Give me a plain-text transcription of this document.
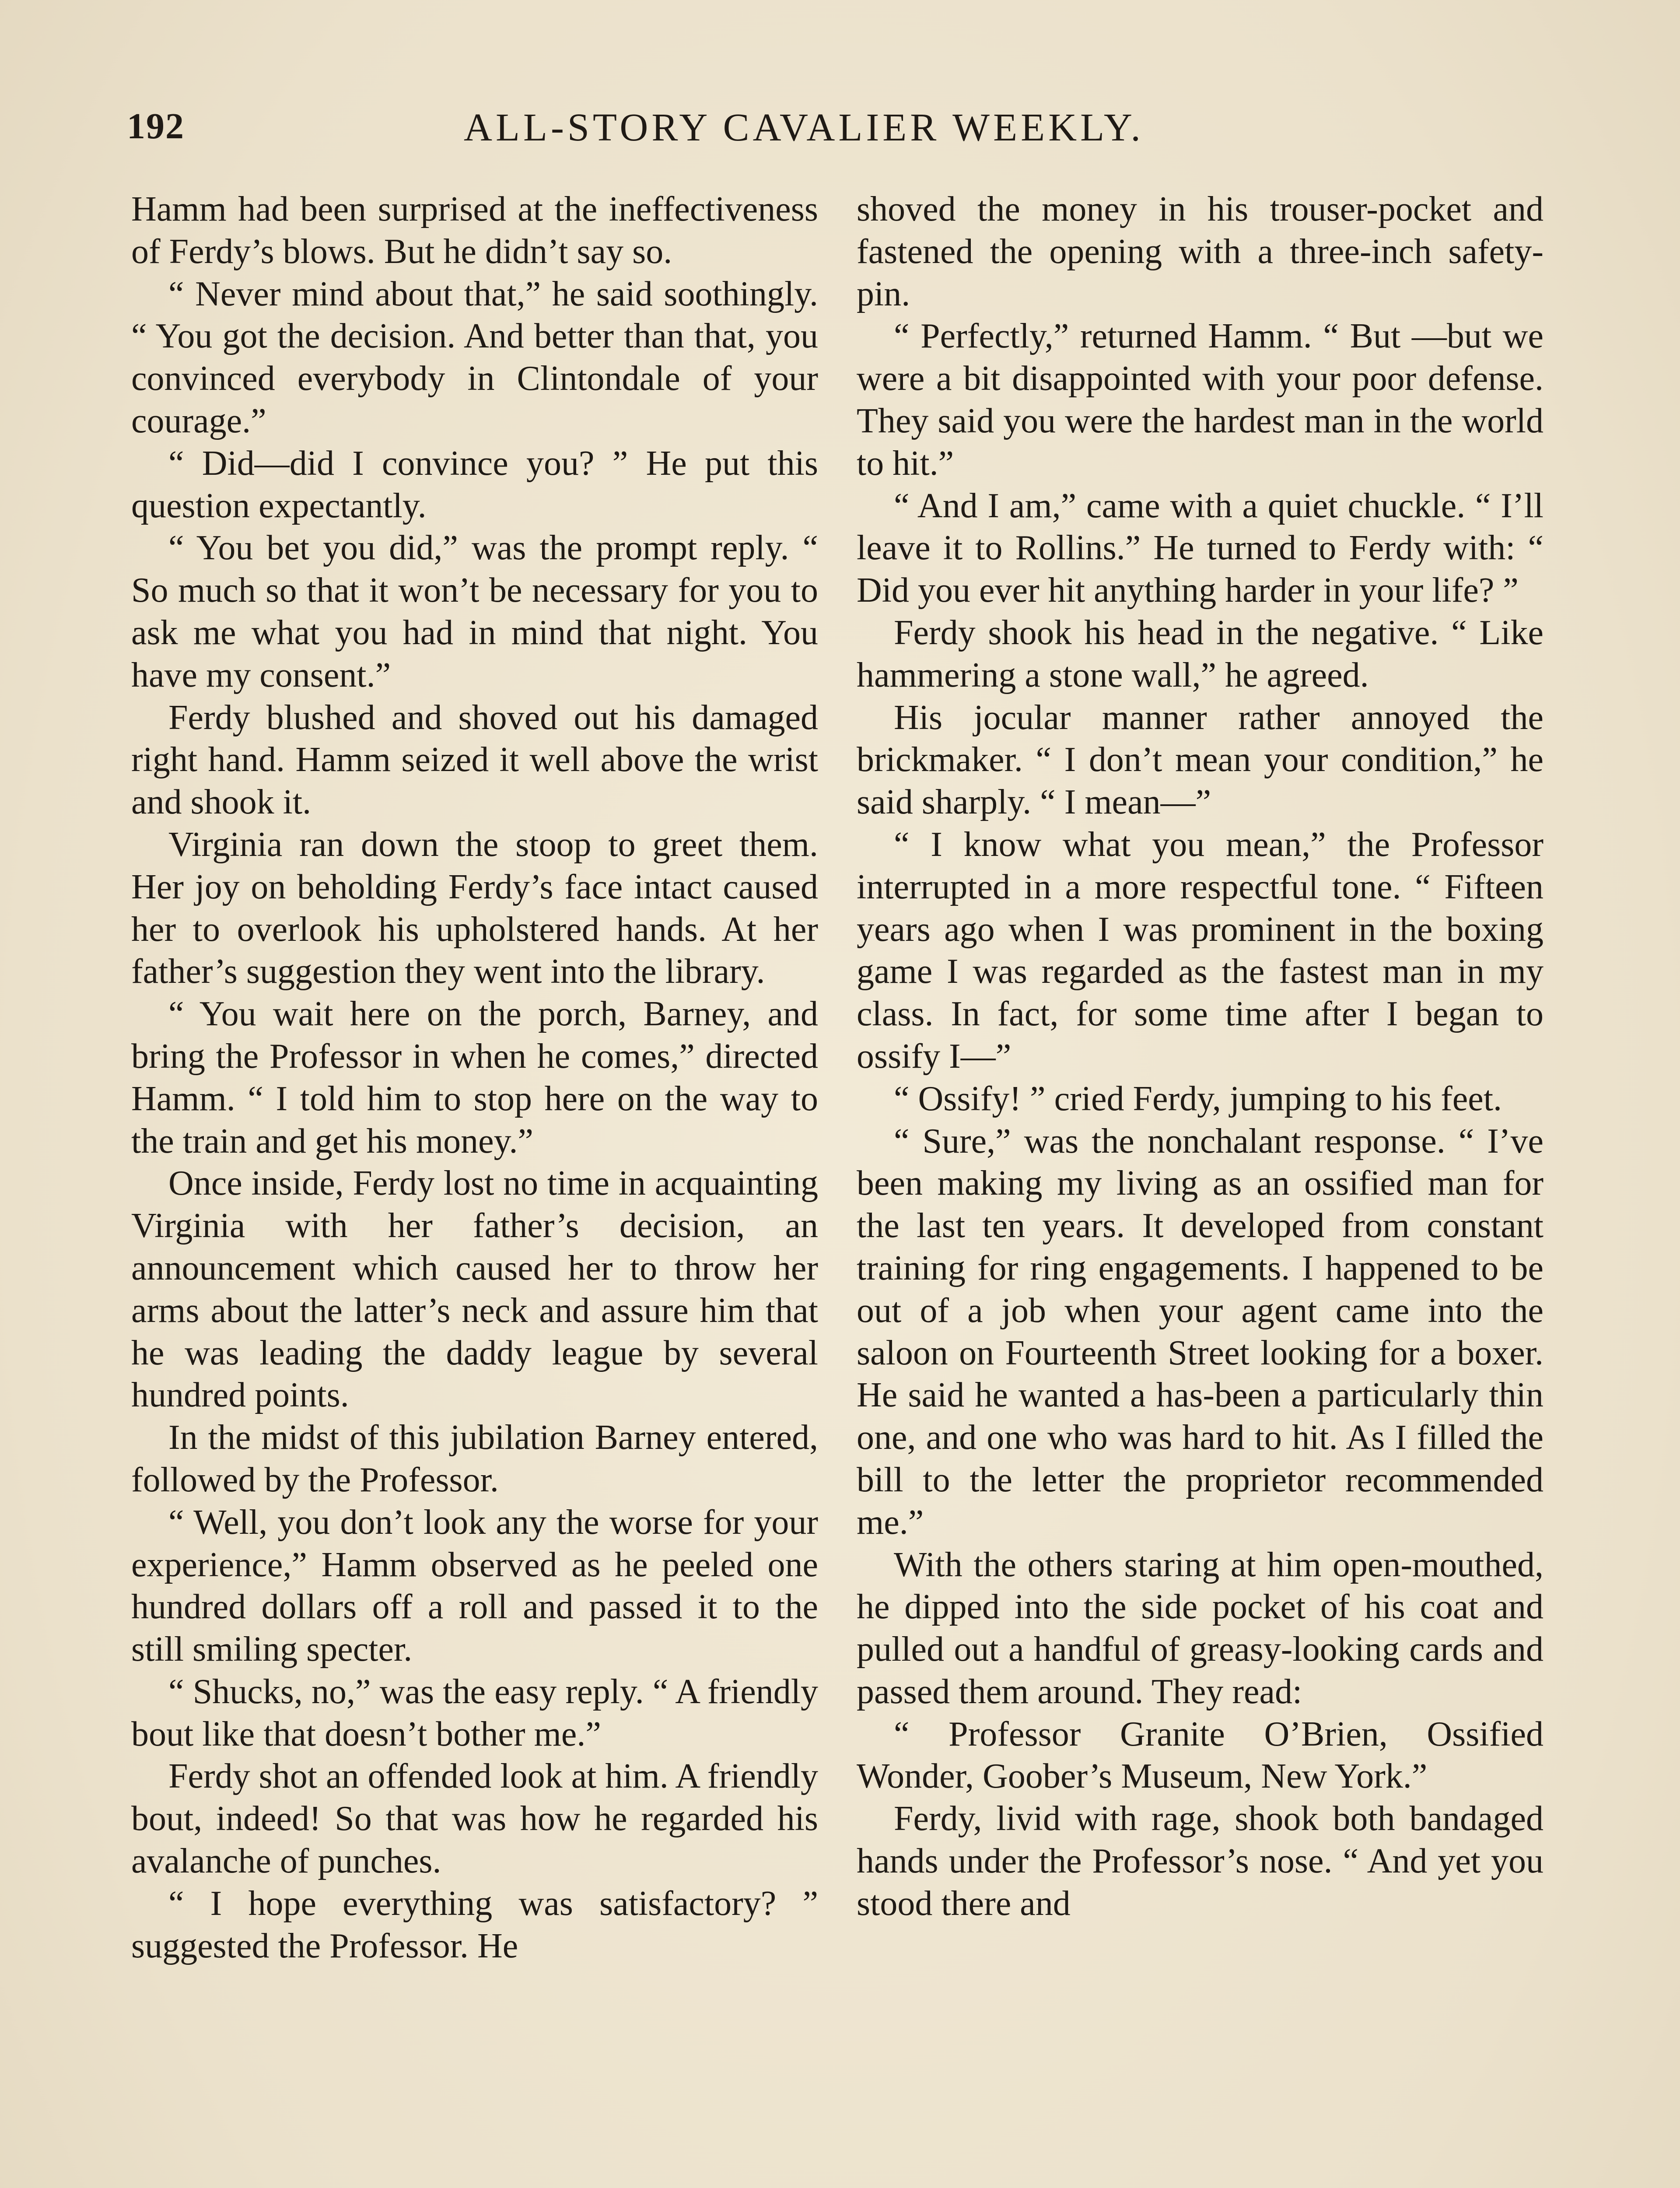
192	ALL-STORY CAVALIER WEEKLY.

Hamm had been surprised at the ineffectiveness of Ferdy’s blows. But he didn’t say so.

“ Never mind about that,” he said soothingly. “ You got the decision. And better than that, you convinced everybody in Clintondale of your courage.”

“ Did—did I convince you? ” He put this question expectantly.

“ You bet you did,” was the prompt reply. “ So much so that it won’t be necessary for you to ask me what you had in mind that night. You have my consent.”

Ferdy blushed and shoved out his damaged right hand. Hamm seized it well above the wrist and shook it.

Virginia ran down the stoop to greet them. Her joy on beholding Ferdy’s face intact caused her to overlook his upholstered hands. At her father’s suggestion they went into the library.

“ You wait here on the porch, Barney, and bring the Professor in when he comes,” directed Hamm. “ I told him to stop here on the way to the train and get his money.”

Once inside, Ferdy lost no time in acquainting Virginia with her father’s decision, an announcement which caused her to throw her arms about the latter’s neck and assure him that he was leading the daddy league by several hundred points.

In the midst of this jubilation Barney entered, followed by the Professor.

“ Well, you don’t look any the worse for your experience,” Hamm observed as he peeled one hundred dollars off a roll and passed it to the still smiling specter.

“ Shucks, no,” was the easy reply. “ A friendly bout like that doesn’t bother me.”

Ferdy shot an offended look at him. A friendly bout, indeed! So that was how he regarded his avalanche of punches.

“ I hope everything was satisfactory? ” suggested the Professor. He

shoved the money in his trouser-pocket and fastened the opening with a three-inch safety-pin.

“ Perfectly,” returned Hamm. “ But —but we were a bit disappointed with your poor defense. They said you were the hardest man in the world to hit.”

“ And I am,” came with a quiet chuckle. “ I’ll leave it to Rollins.” He turned to Ferdy with: “ Did you ever hit anything harder in your life? ”

Ferdy shook his head in the negative. “ Like hammering a stone wall,” he agreed.

His jocular manner rather annoyed the brickmaker. “ I don’t mean your condition,” he said sharply. “ I mean—”

“ I know what you mean,” the Professor interrupted in a more respectful tone. “ Fifteen years ago when I was prominent in the boxing game I was regarded as the fastest man in my class. In fact, for some time after I began to ossify I—”

“ Ossify! ” cried Ferdy, jumping to his feet.

“ Sure,” was the nonchalant response. “ I’ve been making my living as an ossified man for the last ten years. It developed from constant training for ring engagements. I happened to be out of a job when your agent came into the saloon on Fourteenth Street looking for a boxer. He said he wanted a has-been a particularly thin one, and one who was hard to hit. As I filled the bill to the letter the proprietor recommended me.”

With the others staring at him open-mouthed, he dipped into the side pocket of his coat and pulled out a handful of greasy-looking cards and passed them around. They read:

“ Professor Granite O’Brien, Ossified Wonder, Goober’s Museum, New York.”

Ferdy, livid with rage, shook both bandaged hands under the Professor’s nose. “ And yet you stood there and
